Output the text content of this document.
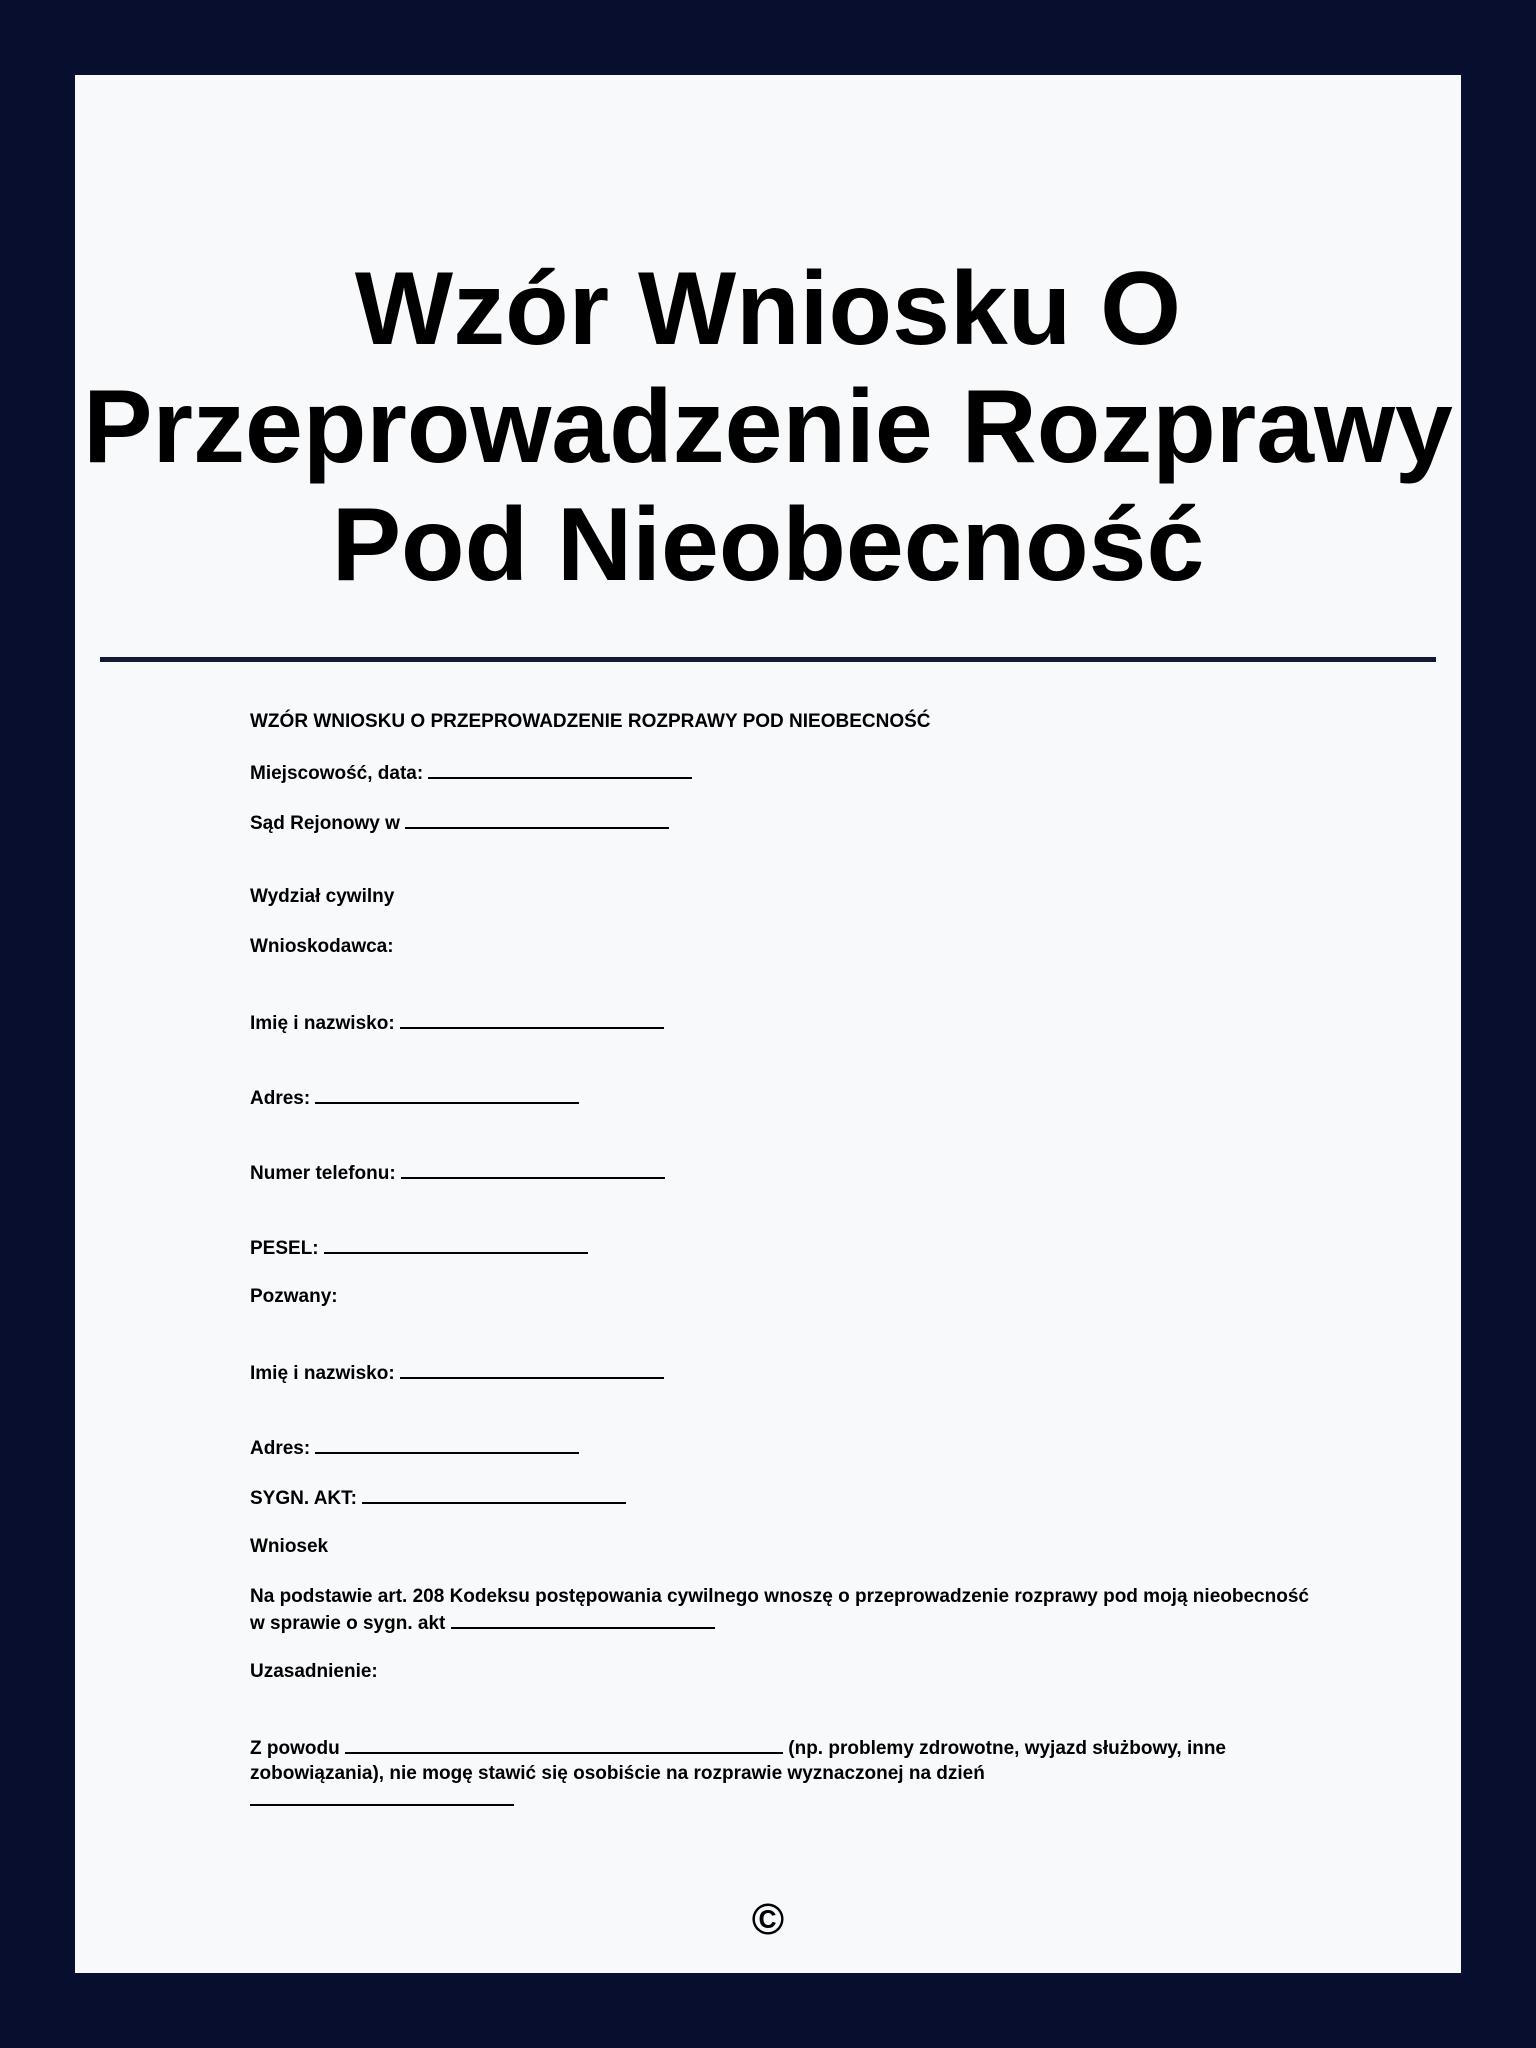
Wzór Wniosku O Przeprowadzenie Rozprawy Pod Nieobecność
WZÓR WNIOSKU O PRZEPROWADZENIE ROZPRAWY POD NIEOBECNOŚĆ
Miejscowość, data:
Sąd Rejonowy w
Wydział cywilny
Wnioskodawca:
Imię i nazwisko:
Adres:
Numer telefonu:
PESEL:
Pozwany:
Imię i nazwisko:
Adres:
SYGN. AKT:
Wniosek
Na podstawie art. 208 Kodeksu postępowania cywilnego wnoszę o przeprowadzenie rozprawy pod moją nieobecność w sprawie o sygn. akt
Uzasadnienie:
Z powodu	(np. problemy zdrowotne, wyjazd służbowy, inne zobowiązania), nie mogę stawić się osobiście na rozprawie wyznaczonej na dzień

©
